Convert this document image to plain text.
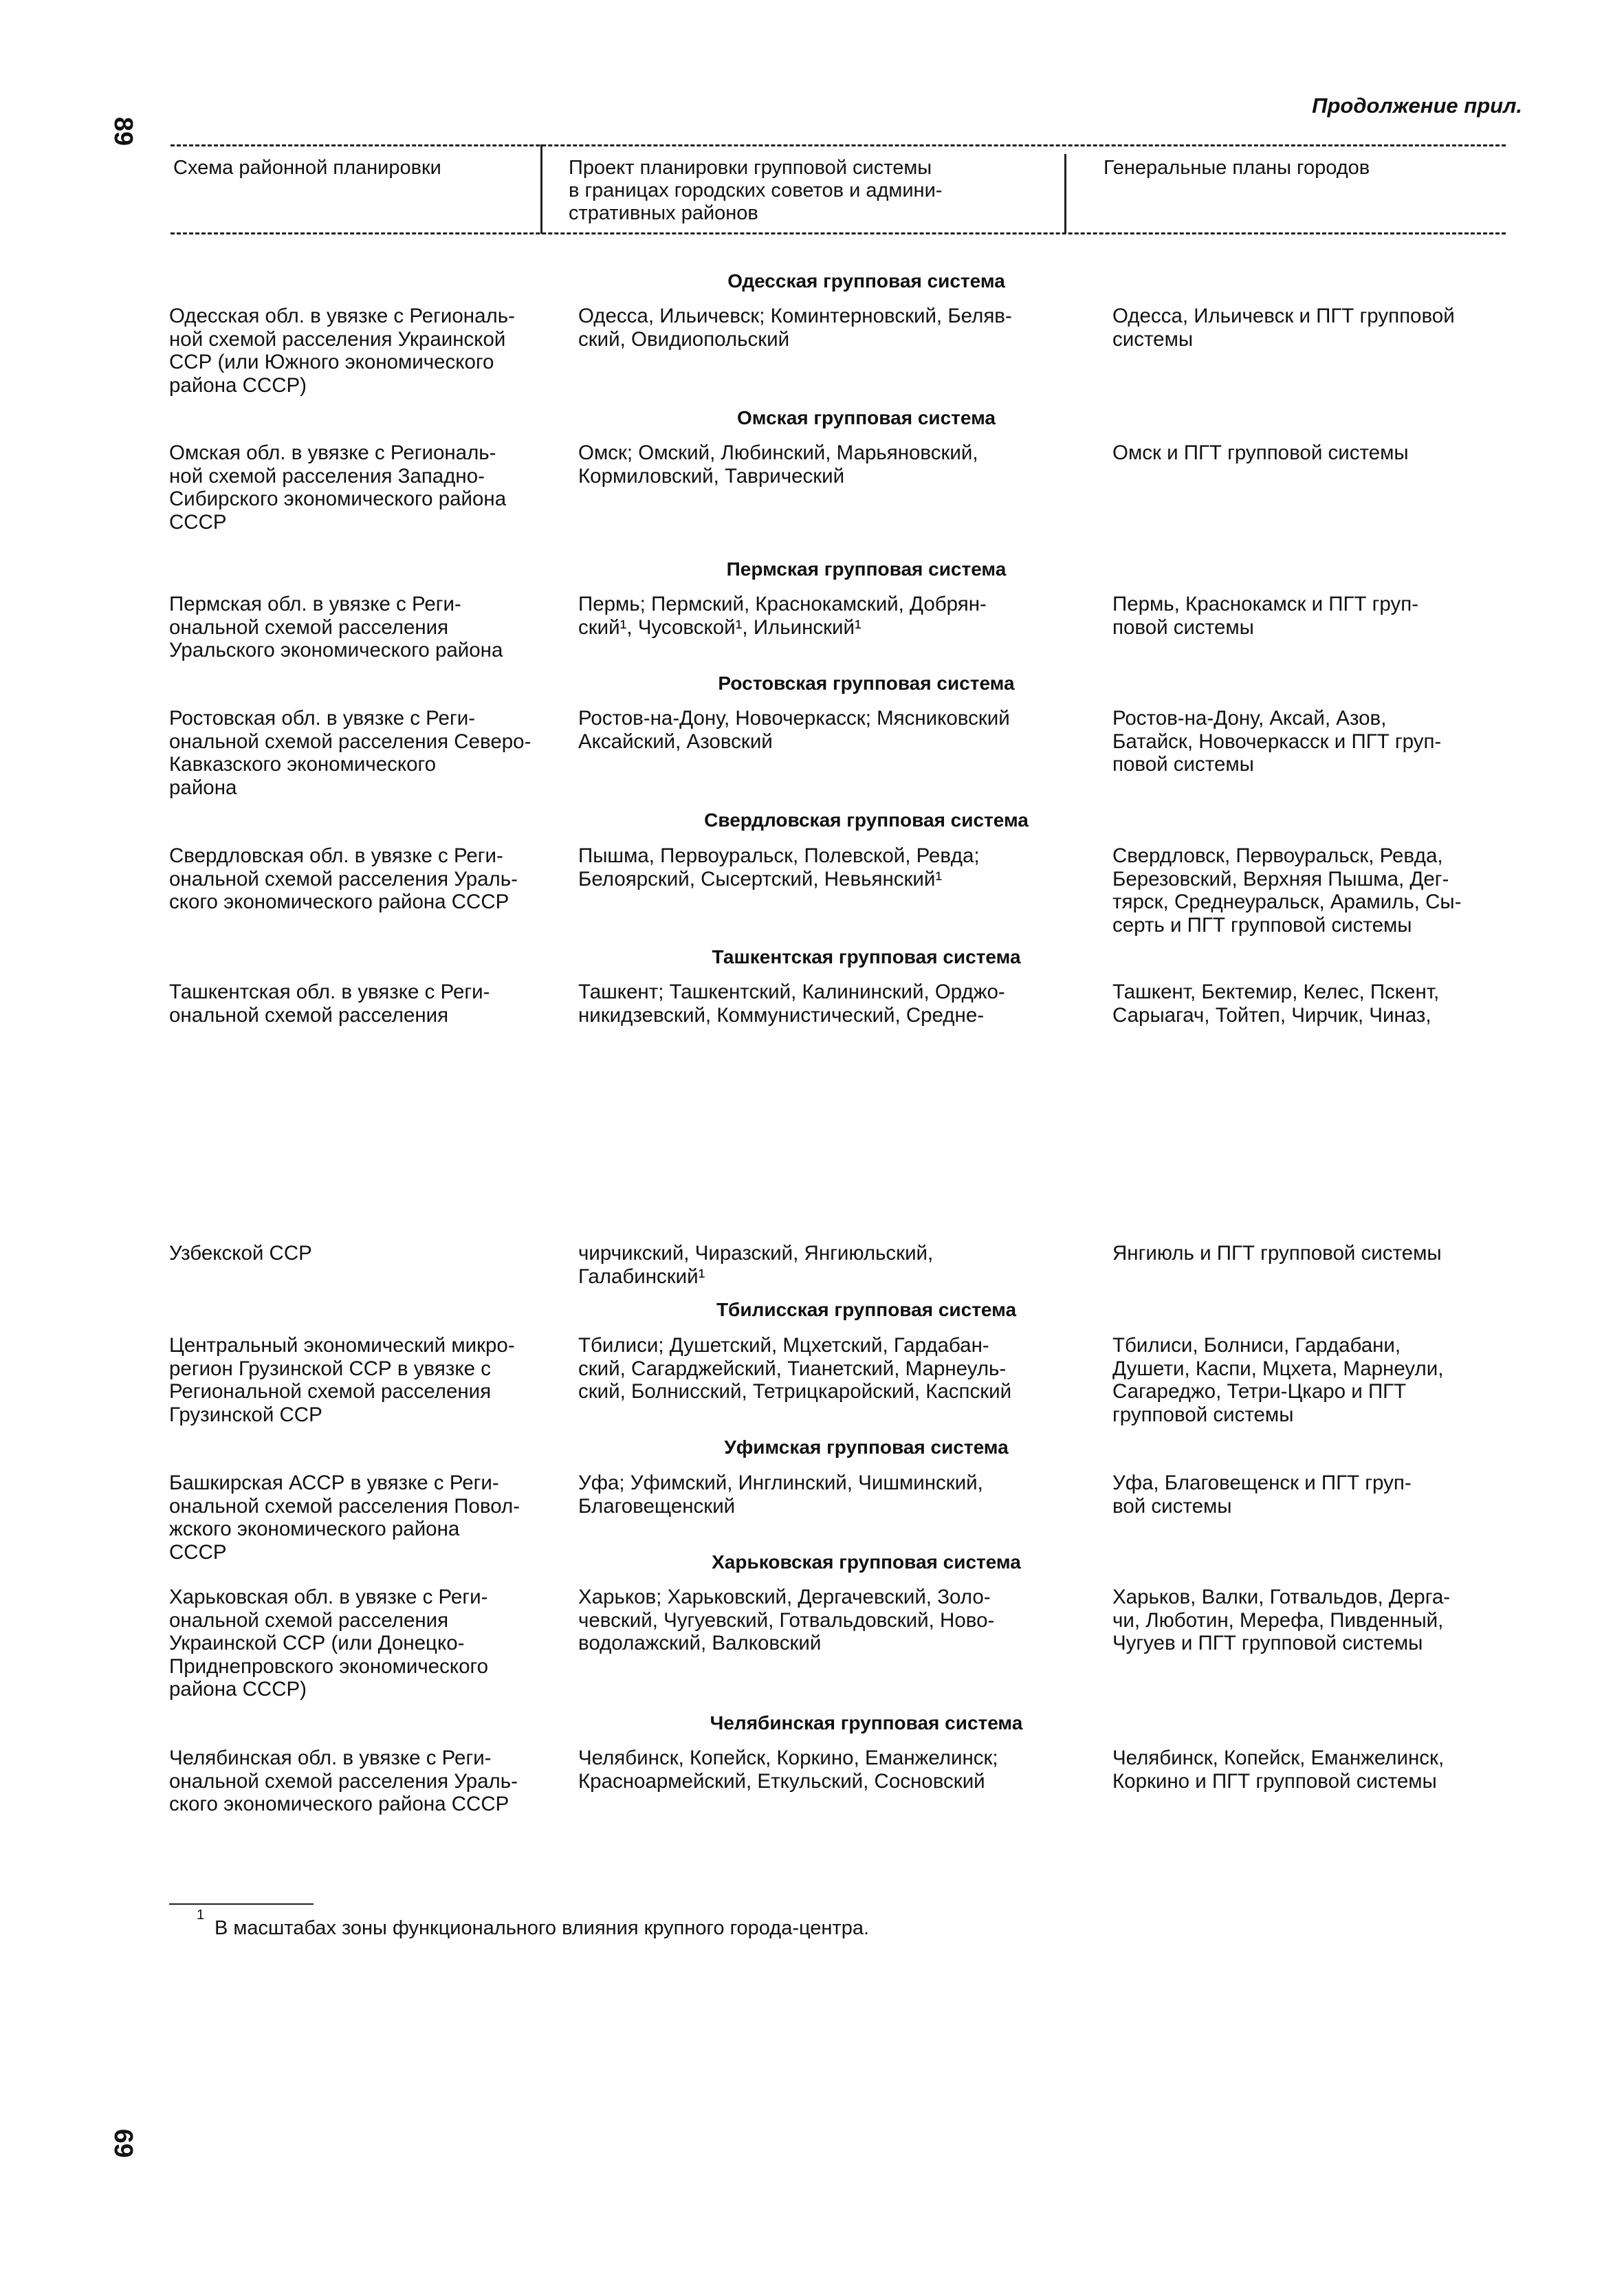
89
69
Продолжение прил.
Схема районной планировки	Проект планировки групповой системы
в границах городских советов и админи-
стративных районов
Генеральные планы городов
Одесская групповая система
Одесская обл. в увязке с Региональ-
ной схемой расселения Украинской
ССР (или Южного экономического
района СССР)
Одесса, Ильичевск; Коминтерновский, Беляв-
ский, Овидиопольский
Одесса, Ильичевск и ПГТ групповой
системы
Омская групповая система
Омская обл. в увязке с Региональ-
ной схемой расселения Западно-
Сибирского экономического района
СССР
Омск; Омский, Любинский, Марьяновский,
Кормиловский, Таврический
Омск и ПГТ групповой системы
Пермская групповая система
Пермская обл. в увязке с Реги-
ональной схемой расселения
Уральского экономического района
Пермь; Пермский, Краснокамский, Добрян-
ский¹, Чусовской¹, Ильинский¹
Пермь, Краснокамск и ПГТ груп-
повой системы
Ростовская групповая система
Ростовская обл. в увязке с Реги-
ональной схемой расселения Северо-
Кавказского экономического
района
Ростов-на-Дону, Новочеркасск; Мясниковский
Аксайский, Азовский
Ростов-на-Дону, Аксай, Азов,
Батайск, Новочеркасск и ПГТ груп-
повой системы
Свердловская групповая система
Свердловская обл. в увязке с Реги-
ональной схемой расселения Ураль-
ского экономического района СССР
Пышма, Первоуральск, Полевской, Ревда;
Белоярский, Сысертский, Невьянский¹
Свердловск, Первоуральск, Ревда,
Березовский, Верхняя Пышма, Дег-
тярск, Среднеуральск, Арамиль, Сы-
серть и ПГТ групповой системы
Ташкентская групповая система
Ташкентская обл. в увязке с Реги-
ональной схемой расселения
Ташкент; Ташкентский, Калининский, Орджо-
никидзевский, Коммунистический, Средне-
Ташкент, Бектемир, Келес, Пскент,
Сарыагач, Тойтеп, Чирчик, Чиназ,
Узбекской ССР	чирчикский, Чиразский, Янгиюльский,
Галабинский¹
Янгиюль и ПГТ групповой системы
Тбилисская групповая система
Центральный экономический микро-
регион Грузинской ССР в увязке с
Региональной схемой расселения
Грузинской ССР
Тбилиси; Душетский, Мцхетский, Гардабан-
ский, Сагарджейский, Тианетский, Марнеуль-
ский, Болнисский, Тетрицкаройский, Каспский
Тбилиси, Болниси, Гардабани,
Душети, Каспи, Мцхета, Марнеули,
Сагареджо, Тетри-Цкаро и ПГТ
групповой системы
Уфимская групповая система
Башкирская АССР в увязке с Реги-
ональной схемой расселения Повол-
жского экономического района
СССР
Уфа; Уфимский, Инглинский, Чишминский,
Благовещенский
Уфа, Благовещенск и ПГТ груп-
вой системы
Харьковская групповая система
Харьковская обл. в увязке с Реги-
ональной схемой расселения
Украинской ССР (или Донецко-
Приднепровского экономического
района СССР)
Харьков; Харьковский, Дергачевский, Золо-
чевский, Чугуевский, Готвальдовский, Ново-
водолажский, Валковский
Харьков, Валки, Готвальдов, Дерга-
чи, Люботин, Мерефа, Пивденный,
Чугуев и ПГТ групповой системы
Челябинская групповая система
Челябинская обл. в увязке с Реги-
ональной схемой расселения Ураль-
ского экономического района СССР
Челябинск, Копейск, Коркино, Еманжелинск;
Красноармейский, Еткульский, Сосновский
Челябинск, Копейск, Еманжелинск,
Коркино и ПГТ групповой системы
1
В масштабах зоны функционального влияния крупного города-центра.
